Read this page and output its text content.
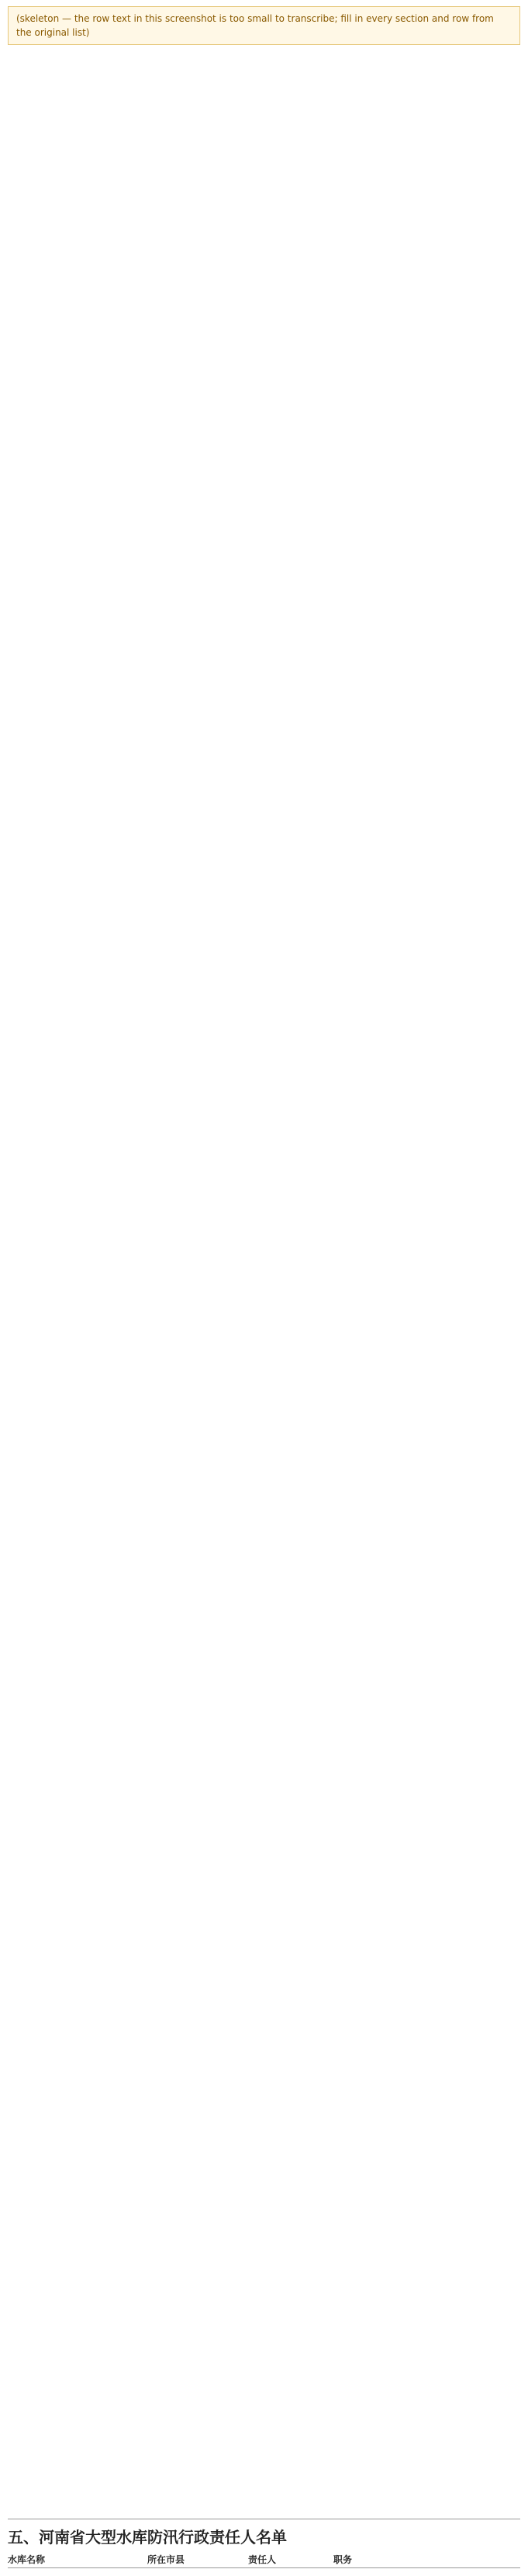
(skeleton — the row text in this screenshot is too small to transcribe; fill in every section and row from the original list)
五、河南省大型水库防汛行政责任人名单
水库名称	所在市县	责任人	职务
